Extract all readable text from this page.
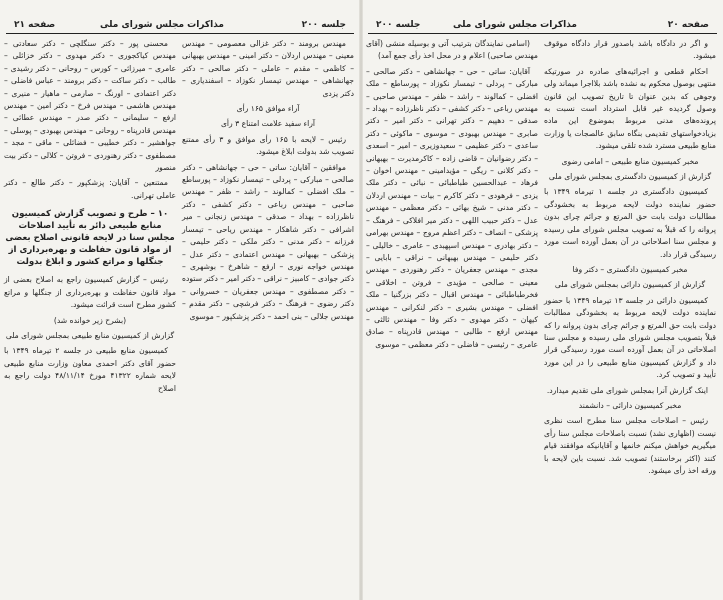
جلسه ۲۰۰
مذاکرات مجلس شورای ملی
صفحه ۲۱

مهندس برومند – دکتر غزالی معصومی – مهندس معینی – مهندس اردلان – دکتر امینی – مهندس بهبهانی – کاظمی – مقدم – عاملی – دکتر صالحی – دکتر جهانشاهی – مهندس تیمسار نکوزاد – اسفندیاری – دکتر یزدی

آراء موافق ۱۶۵ رأی

آراء سفید علامت امتناع ۳ رأی

رئیس – لایحه با ۱۶۵ رأی موافق و ۳ رأی ممتنع تصویب شد بدولت ابلاغ میشود.

موافقین – آقایان: ساتی – حی – جهانشاهی – دکتر صالحی – مبارکی – پردلی – تیمسار نکوزاد – پورساطع – ملک افضلی – کمالوند – راشد – ظفر – مهندس صاحبی – مهندس رباعی – دکتر کشفی – دکتر ناظرزاده – بهداد – صدقی – مهندس زنجانی – میر اشرافی – دکتر شاهکار – مهندس ریاحی – تیمسار فرزانه – دکتر مدنی – دکتر ملکی – دکتر حلیمی – پزشکی – بهبهانی – مهندس اعتمادی – دکتر عدل – مهندس خواجه نوری – ارفع – شاهرخ – بوشهری – دکتر جوادی – کامبیز – نراقی – دکتر امیر – دکتر ستوده – دکتر مصطفوی – مهندس جعفریان – خسروانی – دکتر رضوی – فرهنگ – دکتر فرشچی – دکتر مقدم – مهندس جلالی – بنی احمد – دکتر پزشکپور – موسوی

محسنی پور – دکتر سنگلچی – دکتر سعادتی – مهندس کیاکجوری – دکتر مهدوی – دکتر خزائلی – عامری – میرزائی – کورس – روحانی – دکتر رشیدی – طالب – دکتر ساکت – دکتر برومند – عباس فاضلی – دکتر اعتمادی – اورنگ – صارمی – ماهیار – منیری – مهندس هاشمی – مهندس فرخ – دکتر امین – مهندس ارفع – سلیمانی – دکتر صدر – مهندس عطائی – مهندس قادرپناه – روحانی – مهندس بهبودی – پوسلی – جواهشیر – دکتر خطیبی – فضائلی – ماقی – مجد – مصطفوی – دکتر رهنوردی – فروتن – کلالی – دکتر بیت منصور

ممتنعین – آقایان: پزشکپور – دکتر طالع – دکتر عاملی تهرانی.

۱۰ – طرح و تصویب گزارش کمیسیون منابع طبیعی دائر به تأیید اصلاحات مجلس سنا در لایحه قانونی اصلاح بعضی از مواد قانون حفاظت و بهره‌برداری از جنگلها و مراتع کشور و ابلاغ بدولت

رئیس – گزارش کمیسیون راجع به اصلاح بعضی از مواد قانون حفاظت و بهره‌برداری از جنگلها و مراتع کشور مطرح است قرائت میشود.

(بشرح زیر خوانده شد)

گزارش از کمیسیون منابع طبیعی بمجلس شورای ملی

کمیسیون منابع طبیعی در جلسه ۲ تیرماه ۱۳۴۹ با حضور آقای دکتر احمدی معاون وزارت منابع طبیعی لایحه شماره ۴۱۳۲۲ مورخ ۴۸/۱۱/۱۴ دولت راجع به اصلاح

صفحه ۲۰
مذاکرات مجلس شورای ملی
جلسه ۲۰۰

و اگر در دادگاه باشد باصدور قرار دادگاه موقوف میشود.

احکام قطعی و اجرائیه‌های صادره در صورتیکه منتهی بوصول محکوم به نشده باشد بلااجرا میماند ولی وجوهی که بدین عنوان تا تاریخ تصویب این قانون وصول گردیده غیر قابل استرداد است نسبت به پرونده‌های مدنی مربوط بموضوع این ماده بزیادخواستهای تقدیمی بنگاه سابق عالصجات یا وزارت منابع طبیعی مسترد شده تلقی میشود.

مخبر کمیسیون منابع طبیعی – امامی رضوی

گزارش از کمیسیون دادگستری بمجلس شورای ملی

کمیسیون دادگستری در جلسه ۱ تیرماه ۱۳۴۹ با حضور نماینده دولت لایحه مربوط به بخشودگی مطالبات دولت بابت حق المرتع و جرائم چرای بدون پروانه را که قبلاً به تصویب مجلس شورای ملی رسیده و مجلس سنا اصلاحاتی در آن بعمل آورده است مورد رسیدگی قرار داد.

مخبر کمیسیون دادگستری – دکتر وفا

گزارش از کمیسیون دارائی بمجلس شورای ملی

کمیسیون دارائی در جلسه ۱۳ تیرماه ۱۳۴۹ با حضور نماینده دولت لایحه مربوط به بخشودگی مطالبات دولت بابت حق المرتع و جرائم چرای بدون پروانه را که قبلاً بتصویب مجلس شورای ملی رسیده و مجلس سنا اصلاحاتی در آن بعمل آورده است مورد رسیدگی قرار داد و گزارش کمیسیون منابع طبیعی را در این مورد تأیید و تصویب کرد.

اینک گزارش آنرا بمجلس شورای ملی تقدیم میدارد.

مخبر کمیسیون دارائی – دانشمند

رئیس – اصلاحات مجلس سنا مطرح است نظری نیست (اظهاری نشد) نسبت باصلاحات مجلس سنا رأی میگیریم خواهش میکنم خانمها و آقایانیکه موافقند قیام کنند (اکثر برخاستند) تصویب شد. نسبت باین لایحه با ورقه اخذ رأی میشود.

(اسامی نمایندگان بترتیب آتی و بوسیله منشی (آقای مهندس صاحبی) اعلام و در محل اخذ رأی جمع آمد)

آقایان: ساتی – حی – جهانشاهی – دکتر صالحی – مبارکی – پردلی – تیمسار نکوزاد – پورساطع – ملک افضلی – کمالوند – راشد – ظفر – مهندس صاحبی – مهندس رباعی – دکتر کشفی – دکتر ناظرزاده – بهداد – صدقی – دهپیم – دکتر تهرانی – دکتر امیر – دکتر صابری – مهندس بهبودی – موسوی – ماکوئی – دکتر ساعدی – دکتر عظیمی – سعیدوزیری – امیر – اسعدی – دکتر رضوانیان – قاضی زاده – کاکرمدیرت – بهبهانی – دکتر کلانی – ریگی – مؤیدامینی – مهندس اخوان – فرهاد – عبدالحسین طباطبائی – نبائی – دکتر ملک یزدی – فرهودی – دکتر کاکرم – بیات – مهندس اردلان – دکتر مدنی – شیخ بهائی – دکتر معظمی – مهندس عدل – دکتر حبیب اللهی – دکتر میر افلاکی – فرهنگ – پزشکی – انصاف – دکتر اعظم مروج – مهندس بهرامی – دکتر بهادری – مهندس اسپهبدی – عامری – خالیلی – دکتر حلیمی – مهندس بهبهانی – نراقی – بابایی – مجدی – مهندس جعفریان – دکتر رهنوردی – مهندس معینی – صالحی – مؤیدی – فروتن – اخلاقی – فخرطباطبائی – مهندس اقبال – دکتر بزرگنیا – ملک افضلی – مهندس بشیری – دکتر لنکرانی – مهندس کیهان – دکتر مهدوی – دکتر وفا – مهندس ثالثی – مهندس ارفع – طالبی – مهندس قادرپناه – صادق عامری – رئیسی – فاضلی – دکتر معظمی – موسوی
